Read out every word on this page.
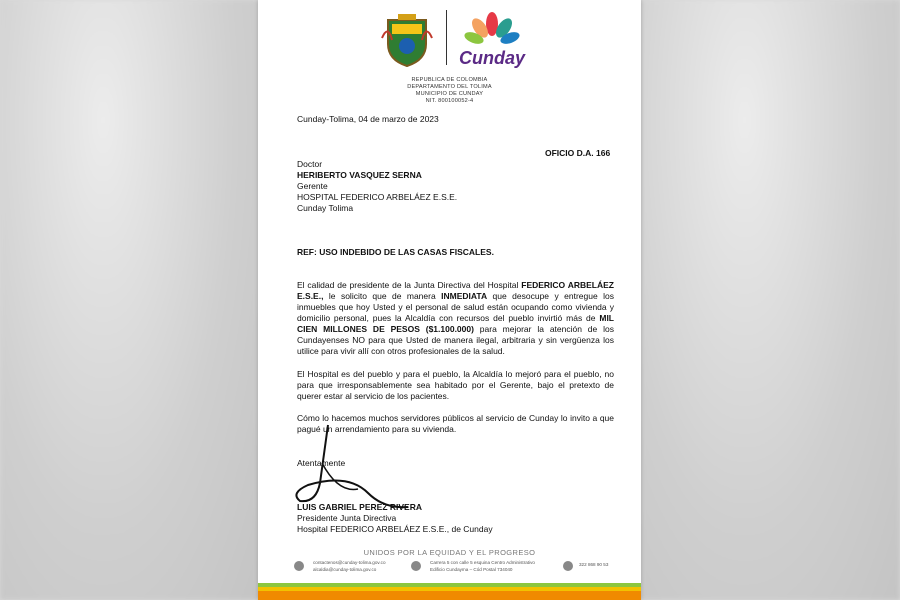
Cunday
REPUBLICA DE COLOMBIA
DEPARTAMENTO DEL TOLIMA
MUNICIPIO DE CUNDAY
NIT. 800100052-4
Cunday-Tolima, 04 de marzo de 2023
OFICIO D.A. 166
Doctor
HERIBERTO VASQUEZ SERNA
Gerente
HOSPITAL FEDERICO ARBELÁEZ E.S.E.
Cunday Tolima
REF: USO INDEBIDO DE LAS CASAS FISCALES.
El calidad de presidente de la Junta Directiva del Hospital FEDERICO ARBELÁEZ E.S.E., le solicito que de manera INMEDIATA que desocupe y entregue los inmuebles que hoy Usted y el personal de salud están ocupando como vivienda y domicilio personal, pues la Alcaldía con recursos del pueblo invirtió más de MIL CIEN MILLONES DE PESOS ($1.100.000) para mejorar la atención de los Cundayenses NO para que Usted de manera ilegal, arbitraria y sin vergüenza los utilice para vivir allí con otros profesionales de la salud.
El Hospital es del pueblo y para el pueblo, la Alcaldía lo mejoró para el pueblo, no para que irresponsablemente sea habitado por el Gerente, bajo el pretexto de querer estar al servicio de los pacientes.
Cómo lo hacemos muchos servidores públicos al servicio de Cunday lo invito a que pagué un arrendamiento para su vivienda.
Atentamente
LUIS GABRIEL PEREZ RIVERA
Presidente Junta Directiva
Hospital FEDERICO ARBELÁEZ E.S.E., de Cunday
UNIDOS POR LA EQUIDAD Y EL PROGRESO
contactenos@cunday-tolima.gov.co
alcaldia@cunday-tolima.gov.co
Carrera 5 con calle 5 esquina Centro Administrativo
Edificio Cundayma – Cód Postal 734040
322 868 90 53
